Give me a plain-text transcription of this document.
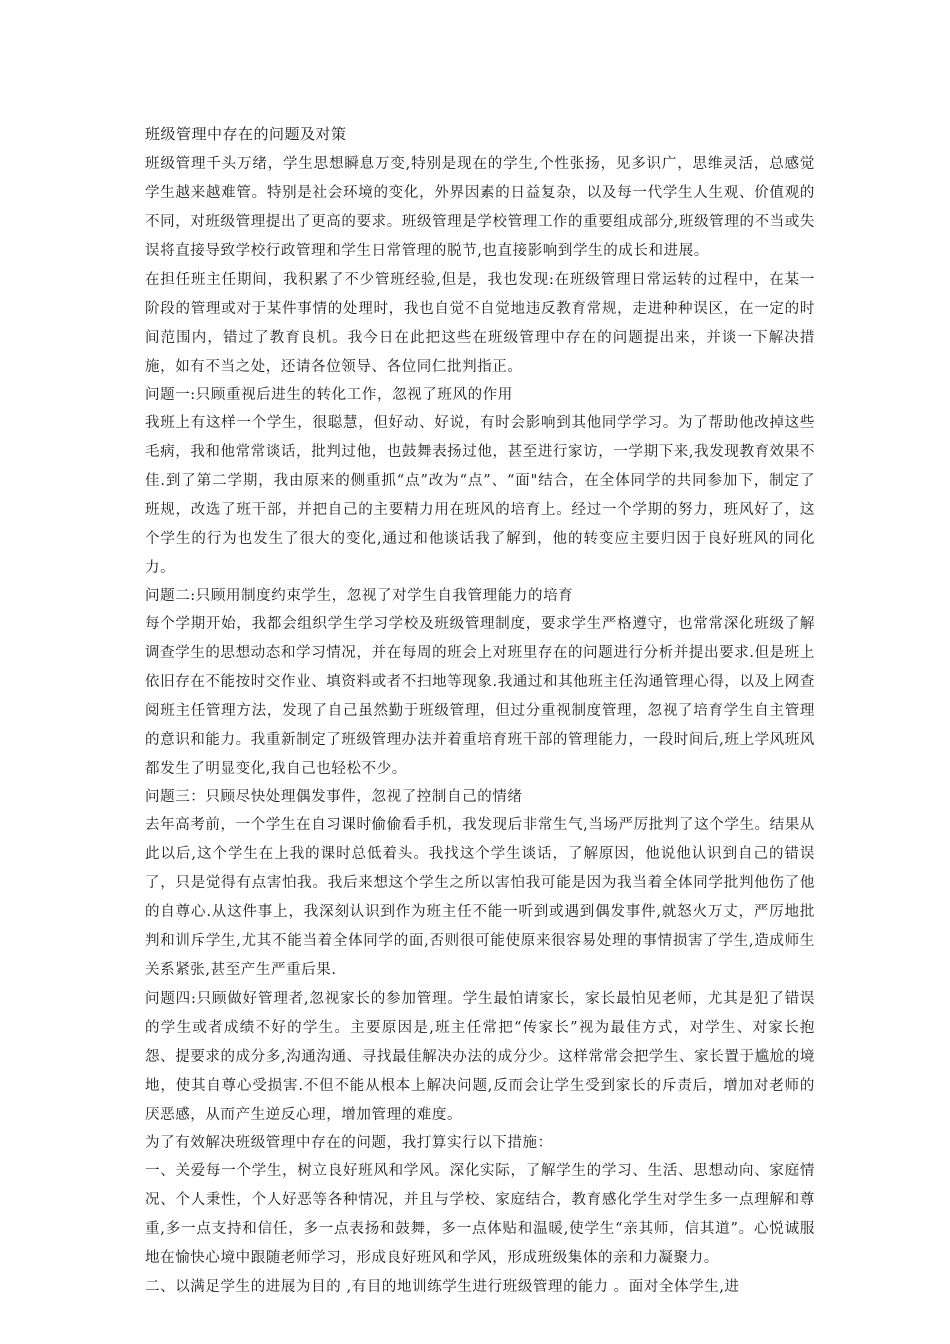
班级管理中存在的问题及对策

班级管理千头万绪，学生思想瞬息万变,特别是现在的学生,个性张扬，见多识广，思维灵活，总感觉学生越来越难管。特别是社会环境的变化，外界因素的日益复杂，以及每一代学生人生观、价值观的不同，对班级管理提出了更高的要求。班级管理是学校管理工作的重要组成部分,班级管理的不当或失误将直接导致学校行政管理和学生日常管理的脱节,也直接影响到学生的成长和进展。

在担任班主任期间，我积累了不少管班经验,但是，我也发现:在班级管理日常运转的过程中，在某一阶段的管理或对于某件事情的处理时，我也自觉不自觉地违反教育常规，走进种种误区，在一定的时间范围内，错过了教育良机。我今日在此把这些在班级管理中存在的问题提出来，并谈一下解决措施，如有不当之处，还请各位领导、各位同仁批判指正。

问题一:只顾重视后进生的转化工作，忽视了班风的作用

我班上有这样一个学生，很聪慧，但好动、好说，有时会影响到其他同学学习。为了帮助他改掉这些毛病，我和他常常谈话，批判过他，也鼓舞表扬过他，甚至进行家访，一学期下来,我发现教育效果不佳.到了第二学期，我由原来的侧重抓“点”改为“点”、“面"结合，在全体同学的共同参加下，制定了班规，改选了班干部，并把自己的主要精力用在班风的培育上。经过一个学期的努力，班风好了，这个学生的行为也发生了很大的变化,通过和他谈话我了解到，他的转变应主要归因于良好班风的同化力。

问题二:只顾用制度约束学生，忽视了对学生自我管理能力的培育

每个学期开始，我都会组织学生学习学校及班级管理制度，要求学生严格遵守，也常常深化班级了解调查学生的思想动态和学习情况，并在每周的班会上对班里存在的问题进行分析并提出要求.但是班上依旧存在不能按时交作业、填资料或者不扫地等现象.我通过和其他班主任沟通管理心得，以及上网查阅班主任管理方法，发现了自己虽然勤于班级管理，但过分重视制度管理，忽视了培育学生自主管理的意识和能力。我重新制定了班级管理办法并着重培育班干部的管理能力，一段时间后,班上学风班风都发生了明显变化,我自己也轻松不少。

问题三：只顾尽快处理偶发事件，忽视了控制自己的情绪

去年高考前，一个学生在自习课时偷偷看手机，我发现后非常生气,当场严厉批判了这个学生。结果从此以后,这个学生在上我的课时总低着头。我找这个学生谈话，了解原因，他说他认识到自己的错误了，只是觉得有点害怕我。我后来想这个学生之所以害怕我可能是因为我当着全体同学批判他伤了他的自尊心.从这件事上，我深刻认识到作为班主任不能一听到或遇到偶发事件,就怒火万丈，严厉地批判和训斥学生,尤其不能当着全体同学的面,否则很可能使原来很容易处理的事情损害了学生,造成师生关系紧张,甚至产生严重后果.

问题四:只顾做好管理者,忽视家长的参加管理。学生最怕请家长，家长最怕见老师，尤其是犯了错误的学生或者成绩不好的学生。主要原因是,班主任常把“传家长”视为最佳方式，对学生、对家长抱怨、提要求的成分多,沟通沟通、寻找最佳解决办法的成分少。这样常常会把学生、家长置于尴尬的境地，使其自尊心受损害.不但不能从根本上解决问题,反而会让学生受到家长的斥责后，增加对老师的厌恶感，从而产生逆反心理，增加管理的难度。

为了有效解决班级管理中存在的问题，我打算实行以下措施：

一、关爱每一个学生，树立良好班风和学风。深化实际，了解学生的学习、生活、思想动向、家庭情况、个人秉性，个人好恶等各种情况，并且与学校、家庭结合，教育感化学生对学生多一点理解和尊重,多一点支持和信任，多一点表扬和鼓舞，多一点体贴和温暖,使学生“亲其师，信其道”。心悦诚服地在愉快心境中跟随老师学习，形成良好班风和学风，形成班级集体的亲和力凝聚力。

二、以满足学生的进展为目的 ,有目的地训练学生进行班级管理的能力 。面对全体学生,进
